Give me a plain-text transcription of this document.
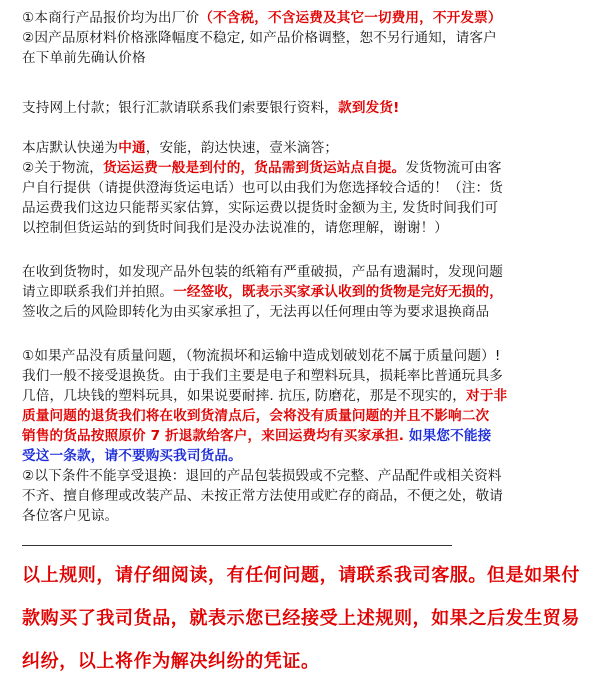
①本商行产品报价均为出厂价（不含税，不含运费及其它一切费用，不开发票）
②因产品原材料价格涨降幅度不稳定, 如产品价格调整，恕不另行通知，请客户
在下单前先确认价格
支持网上付款；银行汇款请联系我们索要银行资料，款到发货!
本店默认快递为中通，安能，韵达快速，壹米滴答；
②关于物流，货运运费一般是到付的，货品需到货运站点自提。发货物流可由客
户自行提供（请提供澄海货运电话）也可以由我们为您选择较合适的！（注：货
品运费我们这边只能帮买家估算，实际运费以提货时金额为主, 发货时间我们可
以控制但货运站的到货时间我们是没办法说准的，请您理解，谢谢！）
在收到货物时，如发现产品外包装的纸箱有严重破损，产品有遗漏时，发现问题
请立即联系我们并拍照。一经签收，既表示买家承认收到的货物是完好无损的，
签收之后的风险即转化为由买家承担了，无法再以任何理由等为要求退换商品
①如果产品没有质量问题，（物流损坏和运输中造成划破划花不属于质量问题）!
我们一般不接受退换货。由于我们主要是电子和塑料玩具，损耗率比普通玩具多
几倍，几块钱的塑料玩具，如果说要耐摔. 抗压, 防磨花，那是不现实的，对于非
质量问题的退货我们将在收到货清点后，会将没有质量问题的并且不影响二次
销售的货品按照原价 7 折退款给客户，来回运费均有买家承担. 如果您不能接
受这一条款，请不要购买我司货品。
②以下条件不能享受退换：退回的产品包装损毁或不完整、产品配件或相关资料
不齐、擅自修理或改装产品、未按正常方法使用或贮存的商品，不便之处，敬请
各位客户见谅。
以上规则，请仔细阅读，有任何问题，请联系我司客服。但是如果付
款购买了我司货品，就表示您已经接受上述规则，如果之后发生贸易
纠纷，以上将作为解决纠纷的凭证。
